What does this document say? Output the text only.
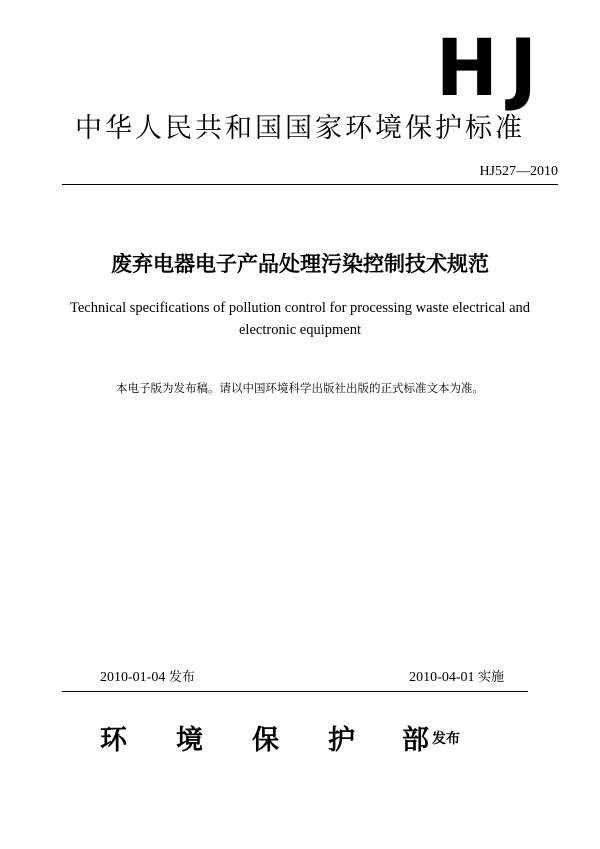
HJ
中华人民共和国国家环境保护标准
HJ527—2010
废弃电器电子产品处理污染控制技术规范
Technical specifications of pollution control for processing waste electrical and
electronic equipment
本电子版为发布稿。请以中国环境科学出版社出版的正式标准文本为准。
2010-01-04 发布	2010-04-01 实施
环 境 保 护 部 发布
